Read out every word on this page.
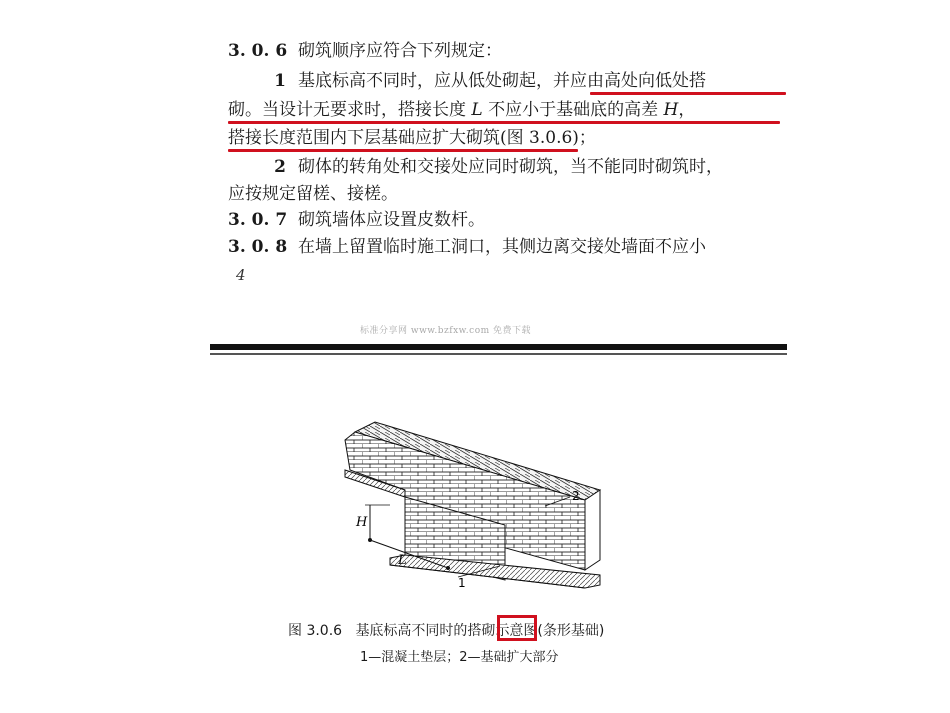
3. 0. 6 砌筑顺序应符合下列规定：
1 基底标高不同时，应从低处砌起，并应由高处向低处搭
砌。当设计无要求时，搭接长度 L 不应小于基础底的高差 H，
搭接长度范围内下层基础应扩大砌筑(图 3.0.6)；
2 砌体的转角处和交接处应同时砌筑，当不能同时砌筑时，
应按规定留槎、接槎。
3. 0. 7 砌筑墙体应设置皮数杆。
3. 0. 8 在墙上留置临时施工洞口，其侧边离交接处墙面不应小
4
标准分享网 www.bzfxw.com 免费下载
H
L
1
2
图 3.0.6 基底标高不同时的搭砌示意图(条形基础)
1—混凝土垫层；2—基础扩大部分
